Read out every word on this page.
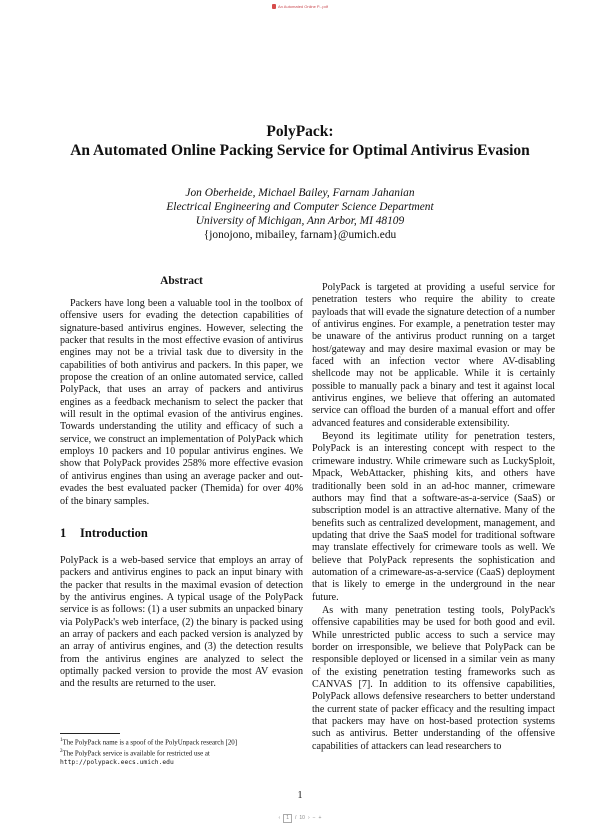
An Automated Online P...pdf
PolyPack:
An Automated Online Packing Service for Optimal Antivirus Evasion
Jon Oberheide, Michael Bailey, Farnam Jahanian
Electrical Engineering and Computer Science Department
University of Michigan, Ann Arbor, MI 48109
{jonojono, mibailey, farnam}@umich.edu
Abstract

Packers have long been a valuable tool in the toolbox of offensive users for evading the detection capabilities of signature-based antivirus engines. However, selecting the packer that results in the most effective evasion of antivirus engines may not be a trivial task due to diversity in the capabilities of both antivirus and packers. In this paper, we propose the creation of an online automated service, called PolyPack, that uses an array of packers and antivirus engines as a feedback mechanism to select the packer that will result in the optimal evasion of the antivirus engines. Towards understanding the utility and efficacy of such a service, we construct an implementation of PolyPack which employs 10 packers and 10 popular antivirus engines. We show that PolyPack provides 258% more effective evasion of antivirus engines than using an average packer and out-evades the best evaluated packer (Themida) for over 40% of the binary samples.

1 Introduction

PolyPack is a web-based service that employs an array of packers and antivirus engines to pack an input binary with the packer that results in the maximal evasion of detection by the antivirus engines. A typical usage of the PolyPack service is as follows: (1) a user submits an unpacked binary via PolyPack's web interface, (2) the binary is packed using an array of packers and each packed version is analyzed by an array of antivirus engines, and (3) the detection results from the antivirus engines are analyzed to select the optimally packed version to provide the most AV evasion and the results are returned to the user.

PolyPack is targeted at providing a useful service for penetration testers who require the ability to create payloads that will evade the signature detection of a number of antivirus engines. For example, a penetration tester may be unaware of the antivirus product running on a target host/gateway and may desire maximal evasion or may be faced with an infection vector where AV-disabling shellcode may not be applicable. While it is certainly possible to manually pack a binary and test it against local antivirus engines, we believe that offering an automated service can offload the burden of a manual effort and offer advanced features and considerable extensibility.

Beyond its legitimate utility for penetration testers, PolyPack is an interesting concept with respect to the crimeware industry. While crimeware such as LuckySploit, Mpack, WebAttacker, phishing kits, and others have traditionally been sold in an ad-hoc manner, crimeware authors may find that a software-as-a-service (SaaS) or subscription model is an attractive alternative. Many of the benefits such as centralized development, management, and updating that drive the SaaS model for traditional software may translate effectively for crimeware tools as well. We believe that PolyPack represents the sophistication and automation of a crimeware-as-a-service (CaaS) deployment that is likely to emerge in the underground in the near future.

As with many penetration testing tools, PolyPack's offensive capabilities may be used for both good and evil. While unrestricted public access to such a service may border on irresponsible, we believe that PolyPack can be responsible deployed or licensed in a similar vein as many of the existing penetration testing frameworks such as CANVAS [7]. In addition to its offensive capabilities, PolyPack allows defensive researchers to better understand the current state of packer efficacy and the resulting impact that packers may have on host-based protection systems such as antivirus. Better understanding of the offensive capabilities of attackers can lead researchers to

$^1$The PolyPack name is a spoof of the PolyUnpack research [20]

$^2$The PolyPack service is available for restricted use at http://polypack.eecs.umich.edu

1
‹	1	/ 10 › − +
